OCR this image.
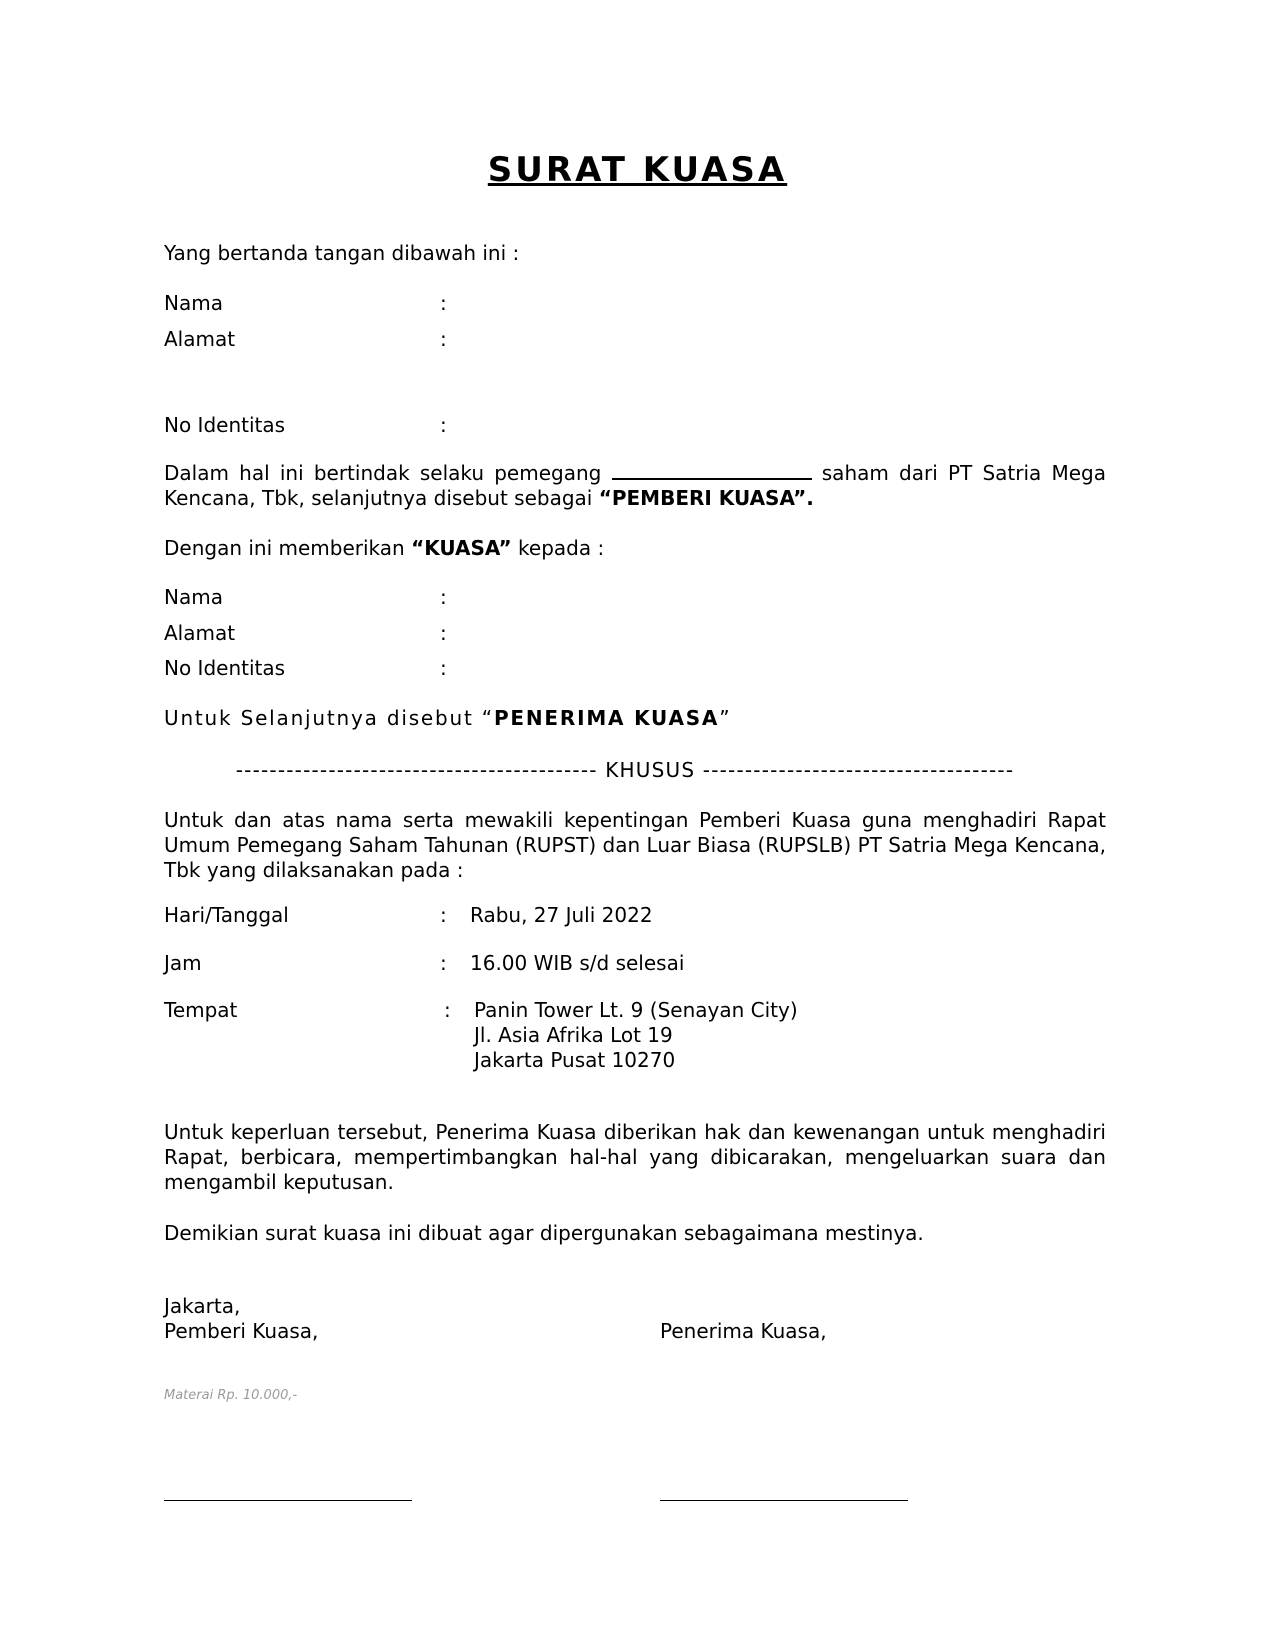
SURAT KUASA
Yang bertanda tangan dibawah ini :
Nama	:
Alamat	:
No Identitas	:
Dalam hal ini bertindak selaku pemegang	saham dari PT Satria Mega Kencana, Tbk, selanjutnya disebut sebagai “PEMBERI KUASA”.
Dengan ini memberikan “KUASA” kepada :
Nama	:
Alamat	:
No Identitas	:
Untuk Selanjutnya disebut “PENERIMA KUASA”
------------------------------------------- KHUSUS -------------------------------------
Untuk dan atas nama serta mewakili kepentingan Pemberi Kuasa guna menghadiri Rapat Umum Pemegang Saham Tahunan (RUPST) dan Luar Biasa (RUPSLB) PT Satria Mega Kencana, Tbk yang dilaksanakan pada :
Hari/Tanggal	: Rabu, 27 Juli 2022
Jam	: 16.00 WIB s/d selesai
Tempat	: Panin Tower Lt. 9 (Senayan City)
Jl. Asia Afrika Lot 19
Jakarta Pusat 10270
Untuk keperluan tersebut, Penerima Kuasa diberikan hak dan kewenangan untuk menghadiri Rapat, berbicara, mempertimbangkan hal-hal yang dibicarakan, mengeluarkan suara dan mengambil keputusan.
Demikian surat kuasa ini dibuat agar dipergunakan sebagaimana mestinya.
Jakarta,
Pemberi Kuasa,	Penerima Kuasa,
Materai Rp. 10.000,-
